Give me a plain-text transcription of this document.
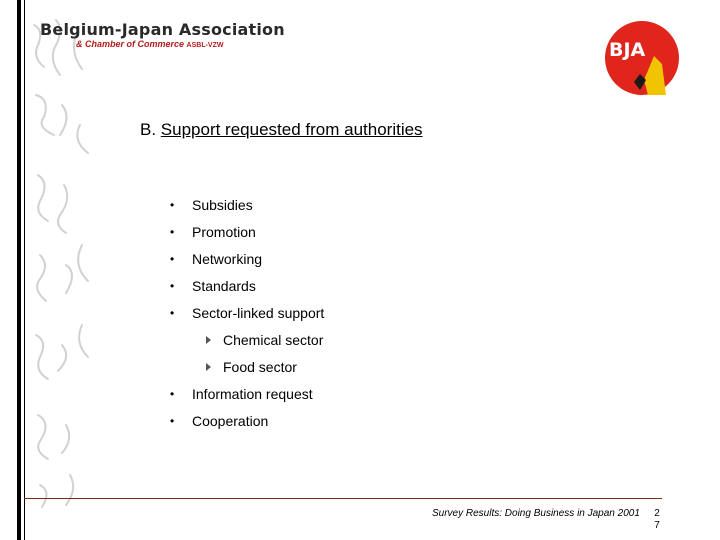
Belgium-Japan Association
& Chamber of Commerce ASBL-VZW	BJA
B. Support requested from authorities
• Subsidies
• Promotion
• Networking
• Standards
• Sector-linked support
Chemical sector
Food sector
• Information request
• Cooperation
Survey Results: Doing Business in Japan 2001 2
7
